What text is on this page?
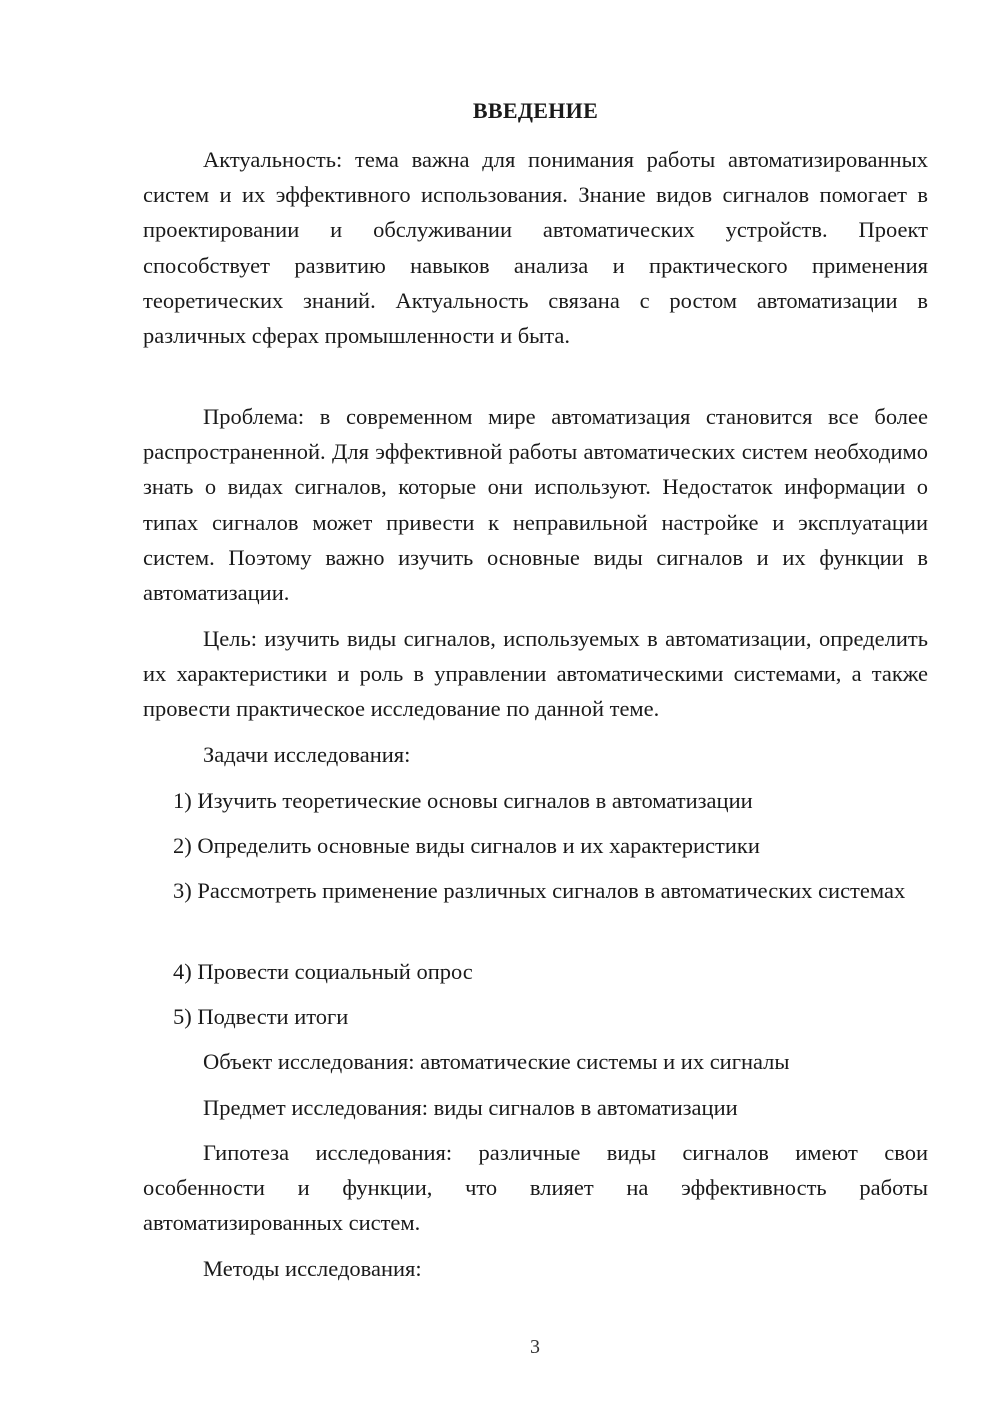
ВВЕДЕНИЕ

Актуальность: тема важна для понимания работы автоматизированных систем и их эффективного использования. Знание видов сигналов помогает в проектировании и обслуживании автоматических устройств. Проект способствует развитию навыков анализа и практического применения теоретических знаний. Актуальность связана с ростом автоматизации в различных сферах промышленности и быта.

Проблема: в современном мире автоматизация становится все более распространенной. Для эффективной работы автоматических систем необходимо знать о видах сигналов, которые они используют. Недостаток информации о типах сигналов может привести к неправильной настройке и эксплуатации систем. Поэтому важно изучить основные виды сигналов и их функции в автоматизации.

Цель: изучить виды сигналов, используемых в автоматизации, определить их характеристики и роль в управлении автоматическими системами, а также провести практическое исследование по данной теме.

Задачи исследования:

1) Изучить теоретические основы сигналов в автоматизации

2) Определить основные виды сигналов и их характеристики

3) Рассмотреть применение различных сигналов в автоматических системах

4) Провести социальный опрос

5) Подвести итоги

Объект исследования: автоматические системы и их сигналы

Предмет исследования: виды сигналов в автоматизации

Гипотеза исследования: различные виды сигналов имеют свои особенности и функции, что влияет на эффективность работы автоматизированных систем.

Методы исследования:

3
